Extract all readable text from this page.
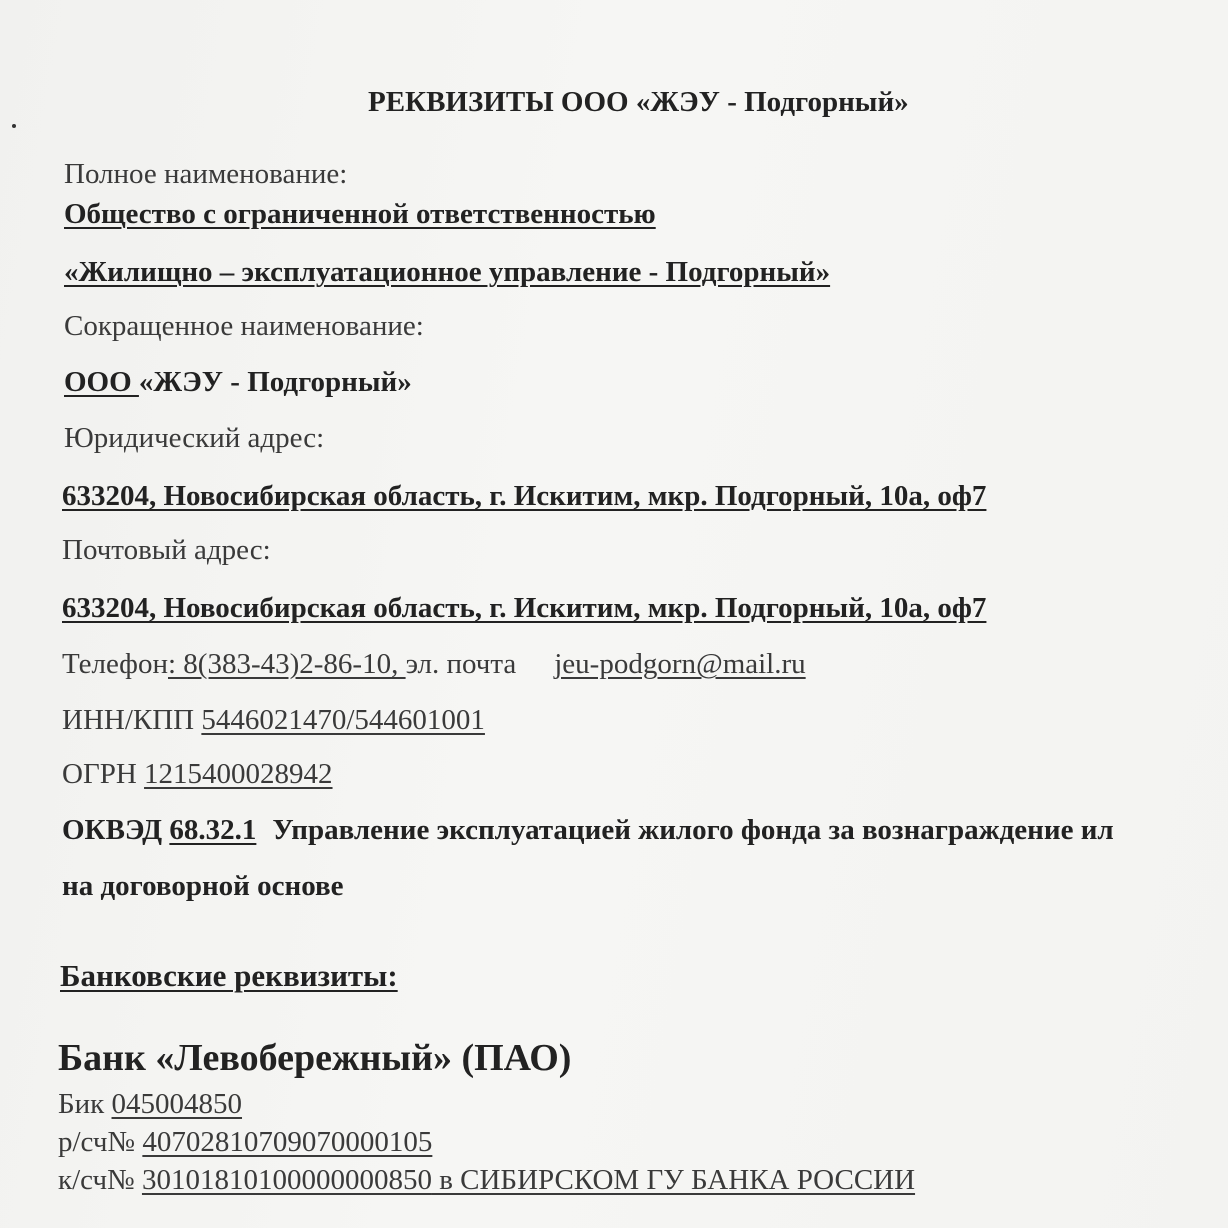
РЕКВИЗИТЫ ООО «ЖЭУ - Подгорный»
Полное наименование:
Общество с ограниченной ответственностью
«Жилищно – эксплуатационное управление - Подгорный»
Сокращенное наименование:
ООО «ЖЭУ - Подгорный»
Юридический адрес:
633204, Новосибирская область, г. Искитим, мкр. Подгорный, 10а, оф7
Почтовый адрес:
633204, Новосибирская область, г. Искитим, мкр. Подгорный, 10а, оф7
Телефон: 8(383-43)2-86-10, эл. почта jeu-podgorn@mail.ru
ИНН/КПП 5446021470/544601001
ОГРН 1215400028942
ОКВЭД 68.32.1 Управление эксплуатацией жилого фонда за вознаграждение ил
на договорной основе
Банковские реквизиты:
Банк «Левобережный» (ПАО)
Бик 045004850
р/сч№ 40702810709070000105
к/сч№ 30101810100000000850 в СИБИРСКОМ ГУ БАНКА РОССИИ
